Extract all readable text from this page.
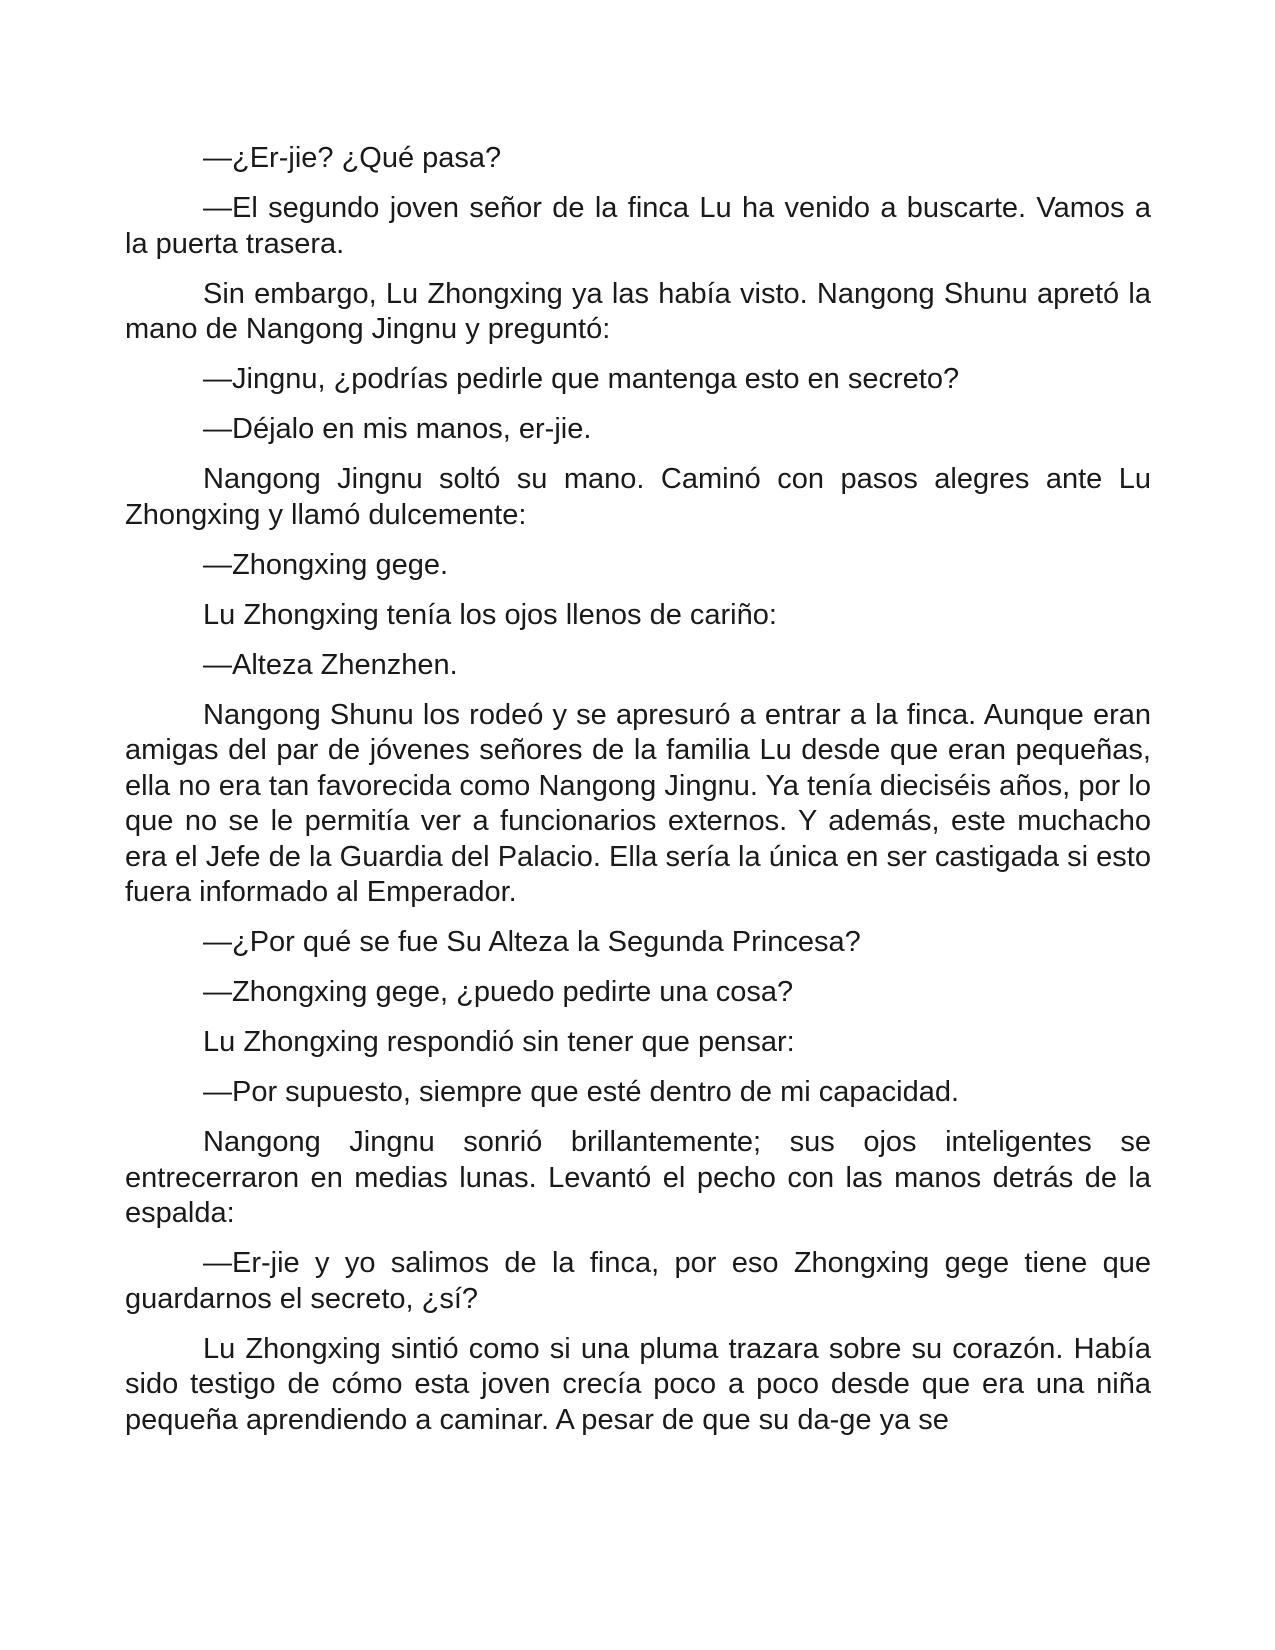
—¿Er-jie? ¿Qué pasa?

—El segundo joven señor de la finca Lu ha venido a buscarte. Vamos a la puerta trasera.

Sin embargo, Lu Zhongxing ya las había visto. Nangong Shunu apretó la mano de Nangong Jingnu y preguntó:

—Jingnu, ¿podrías pedirle que mantenga esto en secreto?

—Déjalo en mis manos, er-jie.

Nangong Jingnu soltó su mano. Caminó con pasos alegres ante Lu Zhongxing y llamó dulcemente:

—Zhongxing gege.

Lu Zhongxing tenía los ojos llenos de cariño:

—Alteza Zhenzhen.

Nangong Shunu los rodeó y se apresuró a entrar a la finca. Aunque eran amigas del par de jóvenes señores de la familia Lu desde que eran pequeñas, ella no era tan favorecida como Nangong Jingnu. Ya tenía dieciséis años, por lo que no se le permitía ver a funcionarios externos. Y además, este muchacho era el Jefe de la Guardia del Palacio. Ella sería la única en ser castigada si esto fuera informado al Emperador.

—¿Por qué se fue Su Alteza la Segunda Princesa?

—Zhongxing gege, ¿puedo pedirte una cosa?

Lu Zhongxing respondió sin tener que pensar:

—Por supuesto, siempre que esté dentro de mi capacidad.

Nangong Jingnu sonrió brillantemente; sus ojos inteligentes se entrecerraron en medias lunas. Levantó el pecho con las manos detrás de la espalda:

—Er-jie y yo salimos de la finca, por eso Zhongxing gege tiene que guardarnos el secreto, ¿sí?

Lu Zhongxing sintió como si una pluma trazara sobre su corazón. Había sido testigo de cómo esta joven crecía poco a poco desde que era una niña pequeña aprendiendo a caminar. A pesar de que su da-ge ya se
